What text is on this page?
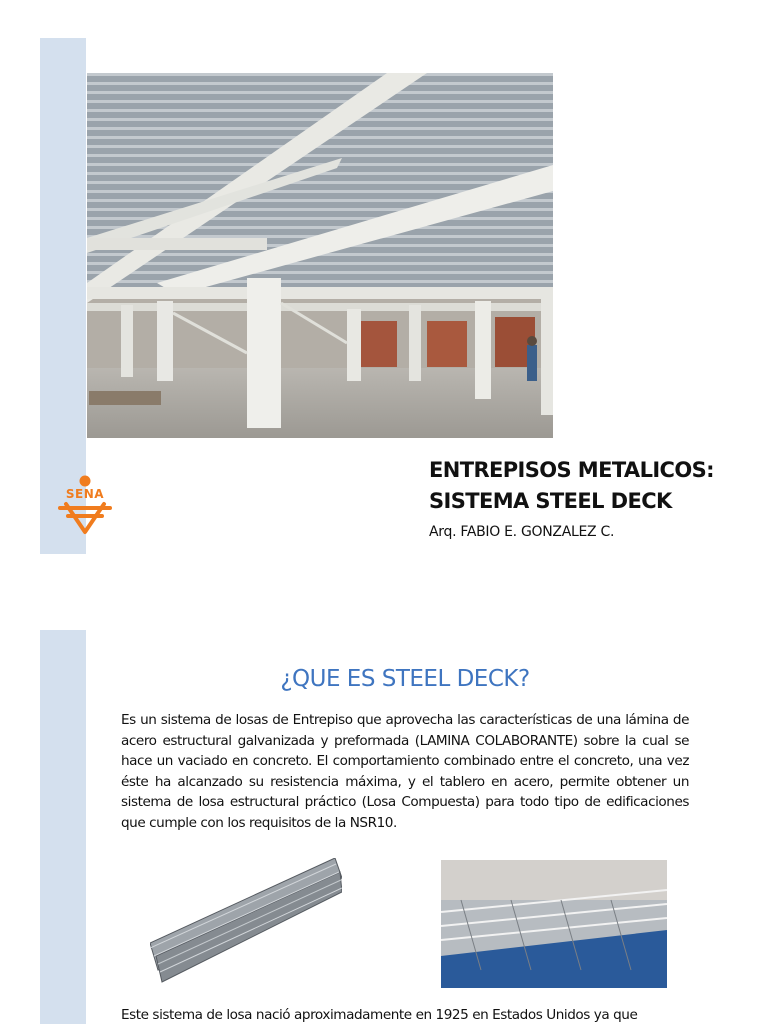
SENA
ENTREPISOS METALICOS:
SISTEMA STEEL DECK
Arq. FABIO E. GONZALEZ C.
¿QUE ES STEEL DECK?
Es un sistema de losas de Entrepiso que aprovecha las características de una lámina de acero estructural galvanizada y preformada (LAMINA COLABORANTE) sobre la cual se hace un vaciado en concreto. El comportamiento combinado entre el concreto, una vez éste ha alcanzado su resistencia máxima, y el tablero en acero, permite obtener un sistema de losa estructural práctico (Losa Compuesta) para todo tipo de edificaciones que cumple con los requisitos de la NSR10.
Este sistema de losa nació aproximadamente en 1925 en Estados Unidos ya que
